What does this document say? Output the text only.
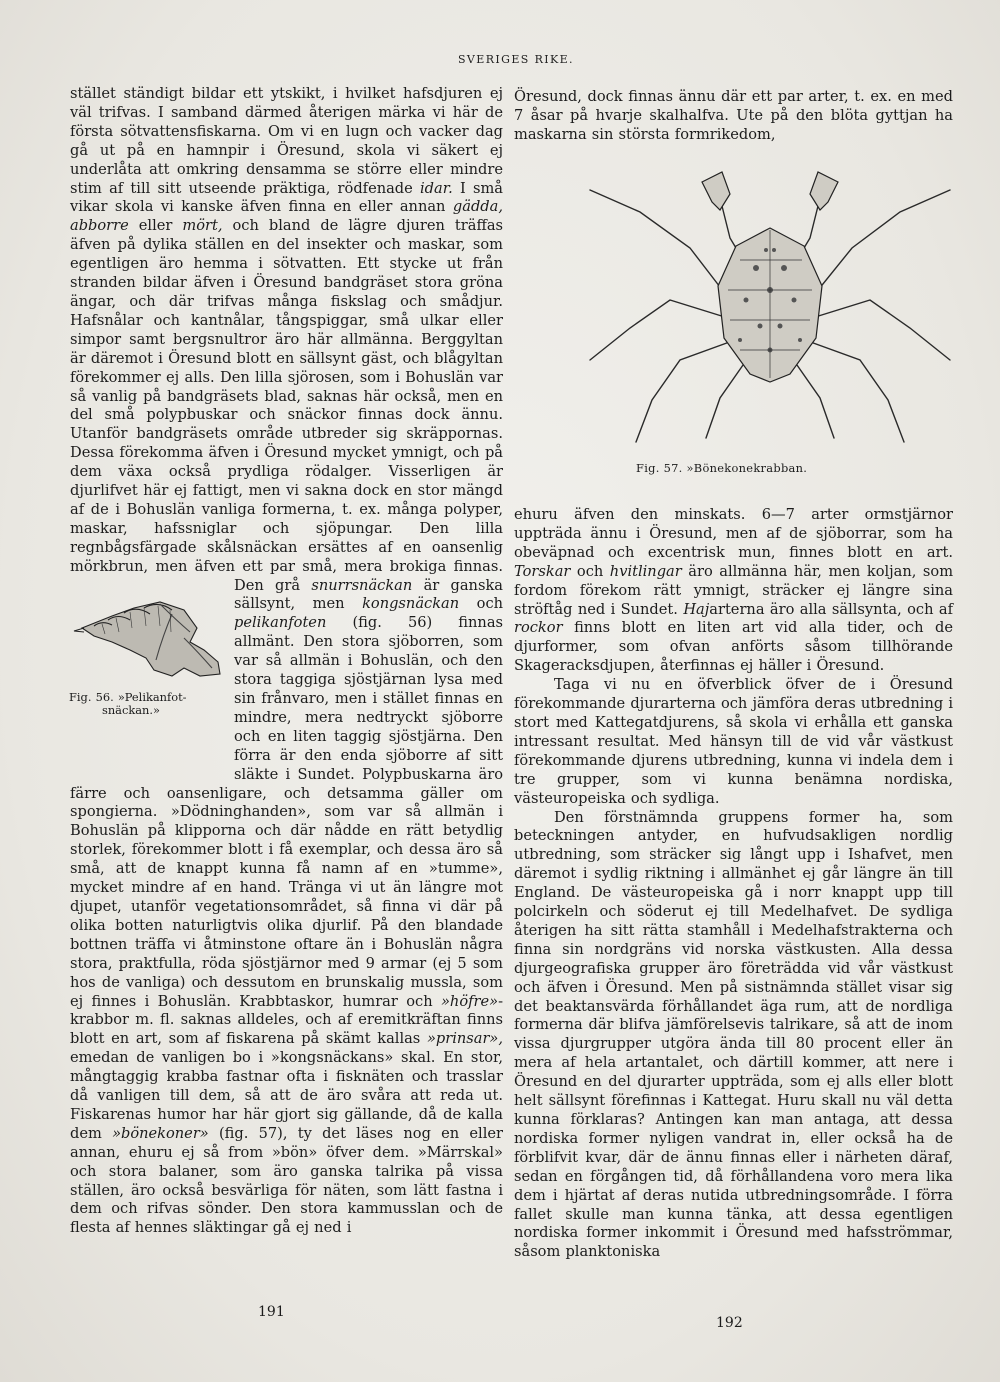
SVERIGES RIKE.

stället ständigt bildar ett ytskikt, i hvilket hafsdjuren ej väl trifvas. I samband därmed återigen märka vi här de första sötvattensfiskarna. Om vi en lugn och vacker dag gå ut på en hamnpir i Öresund, skola vi säkert ej underlåta att omkring densamma se större eller mindre stim af till sitt utseende präktiga, rödfenade idar. I små vikar skola vi kanske äfven finna en eller annan gädda, abborre eller mört, och bland de lägre djuren träffas äfven på dylika ställen en del insekter och maskar, som egentligen äro hemma i sötvatten. Ett stycke ut från stranden bildar äfven i Öresund bandgräset stora gröna ängar, och där trifvas många fiskslag och smådjur. Hafsnålar och kantnålar, tångspiggar, små ulkar eller simpor samt bergsnultror äro här allmänna. Berggyltan är däremot i Öresund blott en sällsynt gäst, och blågyltan förekommer ej alls. Den lilla sjörosen, som i Bohuslän var så vanlig på bandgräsets blad, saknas här också, men en del små polypbuskar och snäckor finnas dock ännu. Utanför bandgräsets område utbreder sig skräppornas. Dessa förekomma äfven i Öresund mycket ymnigt, och på dem växa också prydliga rödalger. Visserligen är djurlifvet här ej fattigt, men vi sakna dock en stor mängd af de i Bohuslän vanliga formerna, t. ex. många polyper, maskar, hafssniglar och sjöpungar. Den lilla regnbågsfärgade skålsnäckan ersättes af en oansenlig mörkbrun, men äfven ett par små, mera brokiga finnas. Den grå
Fig. 56. »Pelikanfot-
snäckan.»
snurrsnäckan är ganska sällsynt, men kongsnäckan och pelikanfoten (fig. 56) finnas allmänt. Den stora sjöborren, som var så allmän i Bohuslän, och den stora taggiga sjöstjärnan lysa med sin frånvaro, men i stället finnas en mindre, mera nedtryckt sjöborre och en liten taggig sjöstjärna. Den förra är den enda sjöborre af sitt släkte i Sundet. Polypbuskarna äro färre och oansenligare, och detsamma gäller om spongierna. »Dödninghanden», som var så allmän i Bohuslän på klipporna och där nådde en rätt betydlig storlek, förekommer blott i få exemplar, och dessa äro så små, att de knappt kunna få namn af en »tumme», mycket mindre af en hand. Tränga vi ut än längre mot djupet, utanför vegetationsområdet, så finna vi där på olika botten naturligtvis olika djurlif. På den blandade bottnen träffa vi åtminstone oftare än i Bohuslän några stora, praktfulla, röda sjöstjärnor med 9 armar (ej 5 som hos de vanliga) och dessutom en brunskalig mussla, som ej finnes i Bohuslän. Krabbtaskor, humrar och »höfre»-krabbor m. fl. saknas alldeles, och af eremitkräftan finns blott en art, som af fiskarena på skämt kallas »prinsar», emedan de vanligen bo i »kongsnäckans» skal. En stor, mångtaggig krabba fastnar ofta i fisknäten och trasslar då vanligen till dem, så att de äro svåra att reda ut. Fiskarenas humor har här gjort sig gällande, då de kalla dem »bönekoner» (fig. 57), ty det läses nog en eller annan, ehuru ej så from »bön» öfver dem. »Märrskal» och stora balaner, som äro ganska talrika på vissa ställen, äro också besvärliga för näten, som lätt fastna i dem och rifvas sönder. Den stora kammusslan och de flesta af hennes släktingar gå ej ned i

Öresund, dock finnas ännu där ett par arter, t. ex. en med 7 åsar på hvarje skalhalfva. Ute på den blöta gyttjan ha maskarna sin största formrikedom,

Fig. 57. »Bönekonekrabban.

ehuru äfven den minskats. 6—7 arter ormstjärnor uppträda ännu i Öresund, men af de sjöborrar, som ha obeväpnad och excentrisk mun, finnes blott en art. Torskar och hvitlingar äro allmänna här, men koljan, som fordom förekom rätt ymnigt, sträcker ej längre sina ströftåg ned i Sundet. Hajarterna äro alla sällsynta, och af rockor finns blott en liten art vid alla tider, och de djurformer, som ofvan anförts såsom tillhörande Skageracksdjupen, återfinnas ej häller i Öresund.

Taga vi nu en öfverblick öfver de i Öresund förekommande djurarterna och jämföra deras utbredning i stort med Kattegatdjurens, så skola vi erhålla ett ganska intressant resultat. Med hänsyn till de vid vår västkust förekommande djurens utbredning, kunna vi indela dem i tre grupper, som vi kunna benämna nordiska, västeuropeiska och sydliga.

Den förstnämnda gruppens former ha, som beteckningen antyder, en hufvudsakligen nordlig utbredning, som sträcker sig långt upp i Ishafvet, men däremot i sydlig riktning i allmänhet ej går längre än till England. De västeuropeiska gå i norr knappt upp till polcirkeln och söderut ej till Medelhafvet. De sydliga återigen ha sitt rätta stamhåll i Medelhafstrakterna och finna sin nordgräns vid norska västkusten. Alla dessa djurgeografiska grupper äro företrädda vid vår västkust och äfven i Öresund. Men på sistnämnda stället visar sig det beaktansvärda förhållandet äga rum, att de nordliga formerna där blifva jämförelsevis talrikare, så att de inom vissa djurgrupper utgöra ända till 80 procent eller än mera af hela artantalet, och därtill kommer, att nere i Öresund en del djurarter uppträda, som ej alls eller blott helt sällsynt förefinnas i Kattegat. Huru skall nu väl detta kunna förklaras? Antingen kan man antaga, att dessa nordiska former nyligen vandrat in, eller också ha de förblifvit kvar, där de ännu finnas eller i närheten däraf, sedan en förgången tid, då förhållandena voro mera lika dem i hjärtat af deras nutida utbredningsområde. I förra fallet skulle man kunna tänka, att dessa egentligen nordiska former inkommit i Öresund med hafsströmmar, såsom planktoniska

191
192
